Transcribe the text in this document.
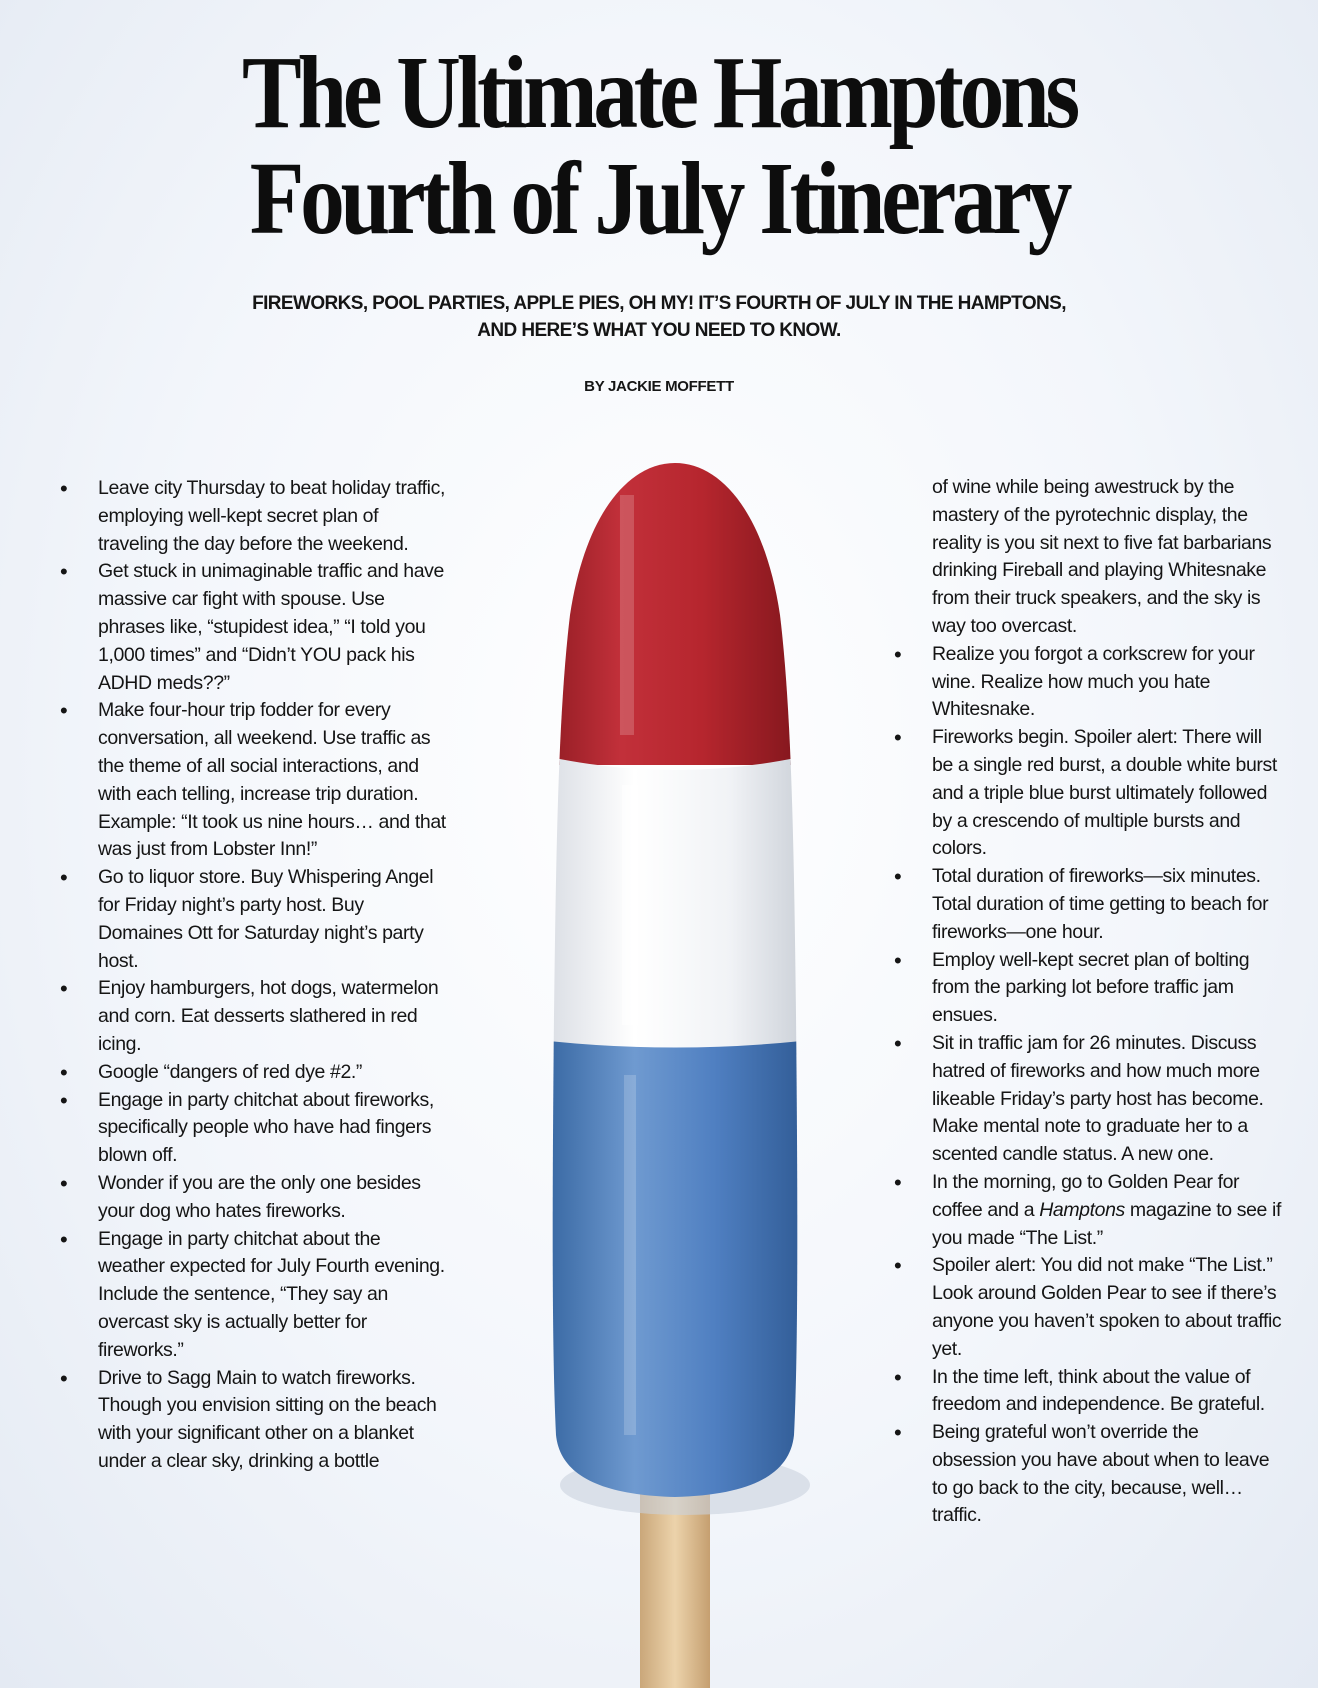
The Ultimate Hamptons
Fourth of July Itinerary
FIREWORKS, POOL PARTIES, APPLE PIES, OH MY! IT’S FOURTH OF JULY IN THE HAMPTONS, AND HERE’S WHAT YOU NEED TO KNOW.
BY JACKIE MOFFETT
• Leave city Thursday to beat holiday traffic, employing well-kept secret plan of traveling the day before the weekend.
• Get stuck in unimaginable traffic and have massive car fight with spouse. Use phrases like, “stupidest idea,” “I told you 1,000 times” and “Didn’t YOU pack his ADHD meds??”
• Make four-hour trip fodder for every conversation, all weekend. Use traffic as the theme of all social interactions, and with each telling, increase trip duration. Example: “It took us nine hours… and that was just from Lobster Inn!”
• Go to liquor store. Buy Whispering Angel for Friday night’s party host. Buy Domaines Ott for Saturday night’s party host.
• Enjoy hamburgers, hot dogs, watermelon and corn. Eat desserts slathered in red icing.
• Google “dangers of red dye #2.”
• Engage in party chitchat about fireworks, specifically people who have had fingers blown off.
• Wonder if you are the only one besides your dog who hates fireworks.
• Engage in party chitchat about the weather expected for July Fourth evening. Include the sentence, “They say an overcast sky is actually better for fireworks.”
• Drive to Sagg Main to watch fireworks. Though you envision sitting on the beach with your significant other on a blanket under a clear sky, drinking a bottle
of wine while being awestruck by the mastery of the pyrotechnic display, the reality is you sit next to five fat barbarians drinking Fireball and playing Whitesnake from their truck speakers, and the sky is way too overcast.
• Realize you forgot a corkscrew for your wine. Realize how much you hate Whitesnake.
• Fireworks begin. Spoiler alert: There will be a single red burst, a double white burst and a triple blue burst ultimately followed by a crescendo of multiple bursts and colors.
• Total duration of fireworks—six minutes. Total duration of time getting to beach for fireworks—one hour.
• Employ well-kept secret plan of bolting from the parking lot before traffic jam ensues.
• Sit in traffic jam for 26 minutes. Discuss hatred of fireworks and how much more likeable Friday’s party host has become. Make mental note to graduate her to a scented candle status. A new one.
• In the morning, go to Golden Pear for coffee and a Hamptons magazine to see if you made “The List.”
• Spoiler alert: You did not make “The List.” Look around Golden Pear to see if there’s anyone you haven’t spoken to about traffic yet.
• In the time left, think about the value of freedom and independence. Be grateful.
• Being grateful won’t override the obsession you have about when to leave to go back to the city, because, well… traffic.
